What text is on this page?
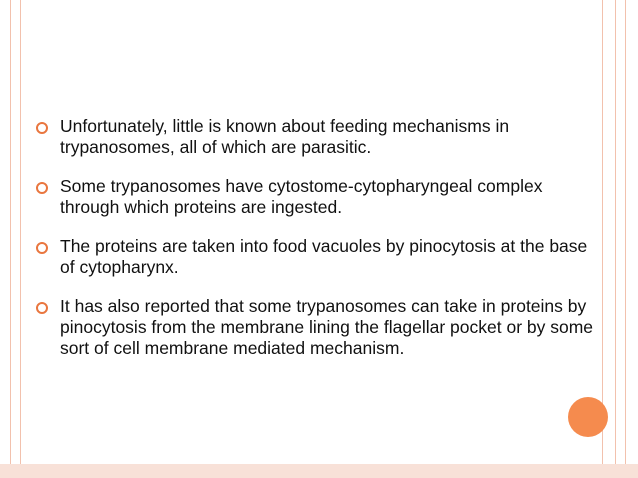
Unfortunately, little is known about feeding mechanisms in trypanosomes, all of which are parasitic.
Some trypanosomes have cytostome-cytopharyngeal complex through which proteins are ingested.
The proteins are taken into food vacuoles by pinocytosis at the base of cytopharynx.
It has also reported that some trypanosomes can take in proteins by pinocytosis from the membrane lining the flagellar pocket or by some sort of cell membrane mediated mechanism.
